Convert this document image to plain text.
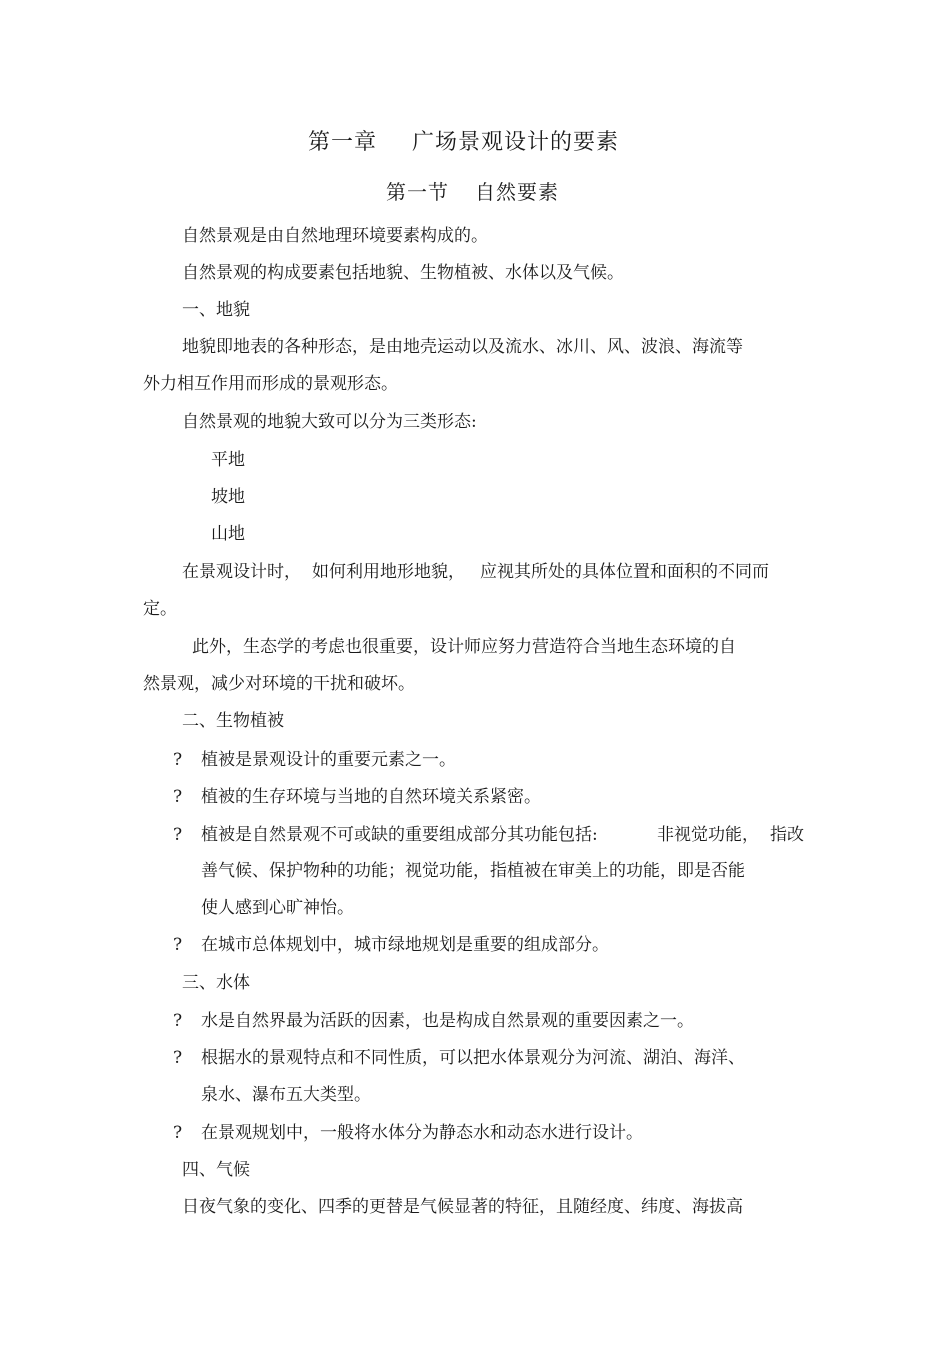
第一章 广场景观设计的要素
第一节 自然要素
自然景观是由自然地理环境要素构成的。
自然景观的构成要素包括地貌、生物植被、水体以及气候。
一、地貌
地貌即地表的各种形态，是由地壳运动以及流水、冰川、风、波浪、海流等
外力相互作用而形成的景观形态。
自然景观的地貌大致可以分为三类形态:
平地
坡地
山地
在景观设计时， 如何利用地形地貌， 应视其所处的具体位置和面积的不同而
定。
此外，生态学的考虑也很重要，设计师应努力营造符合当地生态环境的自
然景观，减少对环境的干扰和破坏。
二、生物植被
? 植被是景观设计的重要元素之一。
? 植被的生存环境与当地的自然环境关系紧密。
? 植被是自然景观不可或缺的重要组成部分其功能包括:	非视觉功能， 指改
善气候、保护物种的功能；视觉功能，指植被在审美上的功能，即是否能
使人感到心旷神怡。
? 在城市总体规划中，城市绿地规划是重要的组成部分。
三、水体
? 水是自然界最为活跃的因素，也是构成自然景观的重要因素之一。
? 根据水的景观特点和不同性质，可以把水体景观分为河流、湖泊、海洋、
泉水、瀑布五大类型。
? 在景观规划中，一般将水体分为静态水和动态水进行设计。
四、气候
日夜气象的变化、四季的更替是气候显著的特征，且随经度、纬度、海拔高
